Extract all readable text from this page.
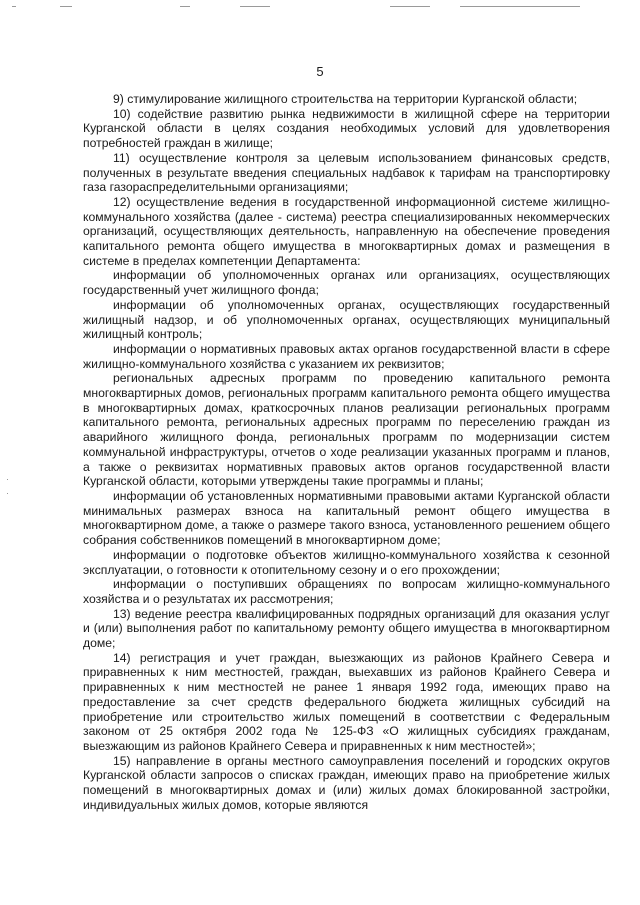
5
·
·

9) стимулирование жилищного строительства на территории Курганской области;

10) содействие развитию рынка недвижимости в жилищной сфере на территории Курганской области в целях создания необходимых условий для удовлетворения потребностей граждан в жилище;

11) осуществление контроля за целевым использованием финансовых средств, полученных в результате введения специальных надбавок к тарифам на транспортировку газа газораспределительными организациями;

12) осуществление ведения в государственной информационной системе жилищно-коммунального хозяйства (далее - система) реестра специализированных некоммерческих организаций, осуществляющих деятельность, направленную на обеспечение проведения капитального ремонта общего имущества в многоквартирных домах и размещения в системе в пределах компетенции Департамента:

информации об уполномоченных органах или организациях, осуществляющих государственный учет жилищного фонда;

информации об уполномоченных органах, осуществляющих государственный жилищный надзор, и об уполномоченных органах, осуществляющих муниципальный жилищный контроль;

информации о нормативных правовых актах органов государственной власти в сфере жилищно-коммунального хозяйства с указанием их реквизитов;

региональных адресных программ по проведению капитального ремонта многоквартирных домов, региональных программ капитального ремонта общего имущества в многоквартирных домах, краткосрочных планов реализации региональных программ капитального ремонта, региональных адресных программ по переселению граждан из аварийного жилищного фонда, региональных программ по модернизации систем коммунальной инфраструктуры, отчетов о ходе реализации указанных программ и планов, а также о реквизитах нормативных правовых актов органов государственной власти Курганской области, которыми утверждены такие программы и планы;

информации об установленных нормативными правовыми актами Курганской области минимальных размерах взноса на капитальный ремонт общего имущества в многоквартирном доме, а также о размере такого взноса, установленного решением общего собрания собственников помещений в многоквартирном доме;

информации о подготовке объектов жилищно-коммунального хозяйства к сезонной эксплуатации, о готовности к отопительному сезону и о его прохождении;

информации о поступивших обращениях по вопросам жилищно-коммунального хозяйства и о результатах их рассмотрения;

13) ведение реестра квалифицированных подрядных организаций для оказания услуг и (или) выполнения работ по капитальному ремонту общего имущества в многоквартирном доме;

14) регистрация и учет граждан, выезжающих из районов Крайнего Севера и приравненных к ним местностей, граждан, выехавших из районов Крайнего Севера и приравненных к ним местностей не ранее 1 января 1992 года, имеющих право на предоставление за счет средств федерального бюджета жилищных субсидий на приобретение или строительство жилых помещений в соответствии с Федеральным законом от 25 октября 2002 года № 125-ФЗ «О жилищных субсидиях гражданам, выезжающим из районов Крайнего Севера и приравненных к ним местностей»;

15) направление в органы местного самоуправления поселений и городских округов Курганской области запросов о списках граждан, имеющих право на приобретение жилых помещений в многоквартирных домах и (или) жилых домах блокированной застройки, индивидуальных жилых домов, которые являются
